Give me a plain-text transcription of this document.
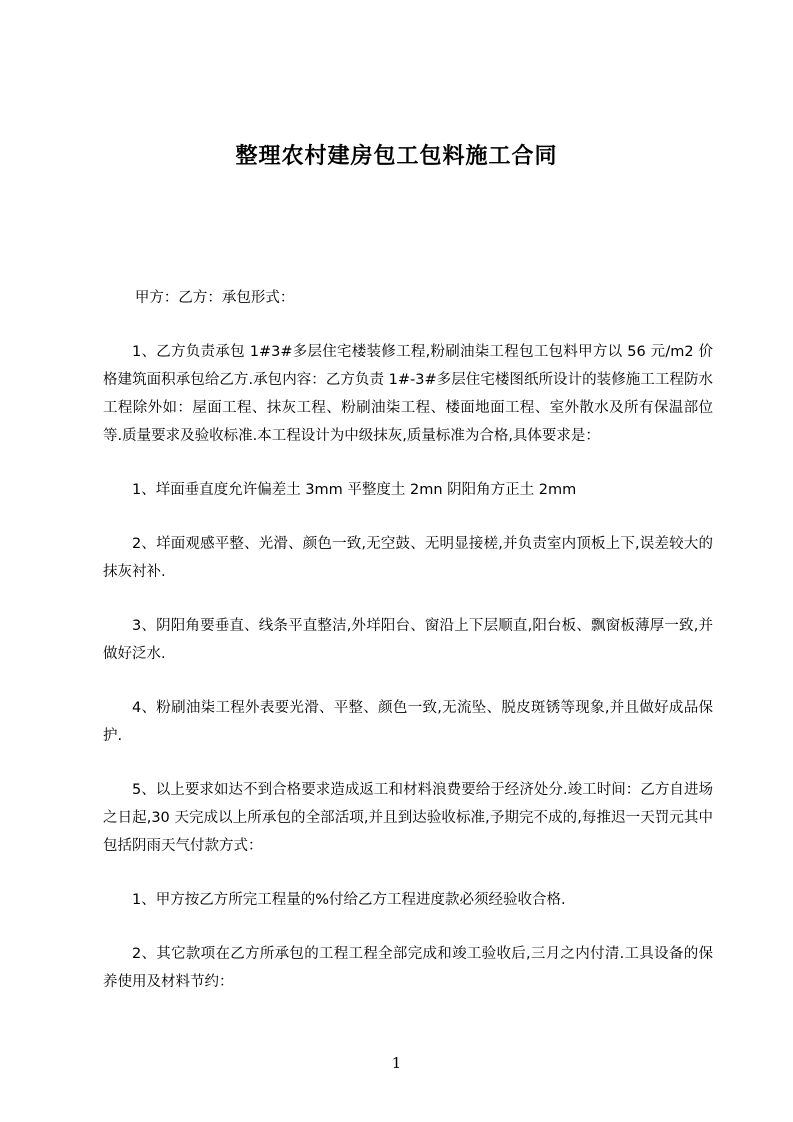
整理农村建房包工包料施工合同

甲方：乙方：承包形式：

1、乙方负责承包 1#3#多层住宅楼装修工程,粉刷油柒工程包工包料甲方以 56 元/m2 价格建筑面积承包给乙方.承包内容：乙方负责 1#-3#多层住宅楼图纸所设计的装修施工工程防水工程除外如：屋面工程、抹灰工程、粉刷油柒工程、楼面地面工程、室外散水及所有保温部位等.质量要求及验收标准.本工程设计为中级抹灰,质量标准为合格,具体要求是：

1、垟面垂直度允许偏差土 3mm 平整度土 2mn 阴阳角方正土 2mm

2、垟面观感平整、光滑、颜色一致,无空鼓、无明显接槎,并负责室内顶板上下,误差较大的抹灰衬补.

3、阴阳角要垂直、线条平直整洁,外垟阳台、窗沿上下层顺直,阳台板、飘窗板薄厚一致,并做好泛水.

4、粉刷油柒工程外表要光滑、平整、颜色一致,无流坠、脱皮斑锈等现象,并且做好成品保护.

5、以上要求如达不到合格要求造成返工和材料浪费要给于经济处分.竣工时间：乙方自进场之日起,30 天完成以上所承包的全部活项,并且到达验收标准,予期完不成的,每推迟一天罚元其中包括阴雨天气付款方式：

1、甲方按乙方所完工程量的%付给乙方工程进度款必须经验收合格.

2、其它款项在乙方所承包的工程工程全部完成和竣工验收后,三月之内付清.工具设备的保养使用及材料节约：

1
